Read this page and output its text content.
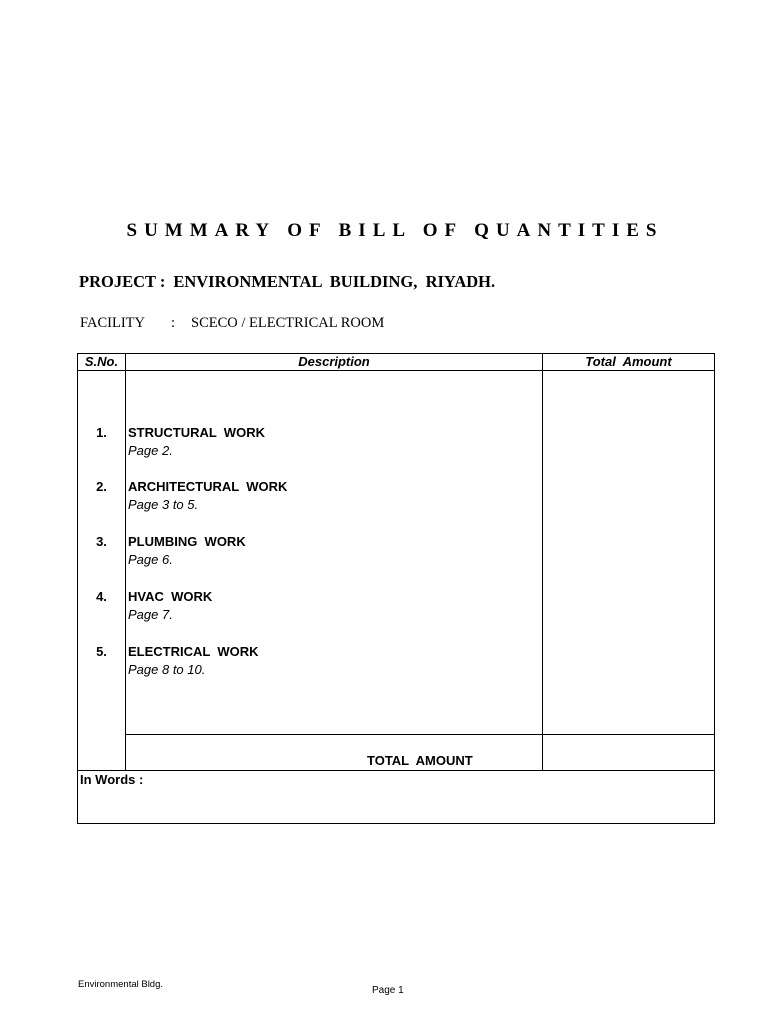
SUMMARY OF BILL OF QUANTITIES
PROJECT : ENVIRONMENTAL  BUILDING,  RIYADH.
FACILITY : SCECO / ELECTRICAL ROOM
S.No.	Description	Total  Amount
1.	STRUCTURAL  WORK
Page 2.
2.	ARCHITECTURAL  WORK
Page 3 to 5.
3.	PLUMBING  WORK
Page 6.
4.	HVAC  WORK
Page 7.
5.	ELECTRICAL  WORK
Page 8 to 10.
TOTAL  AMOUNT
In Words :
Environmental Bldg.
Page 1
